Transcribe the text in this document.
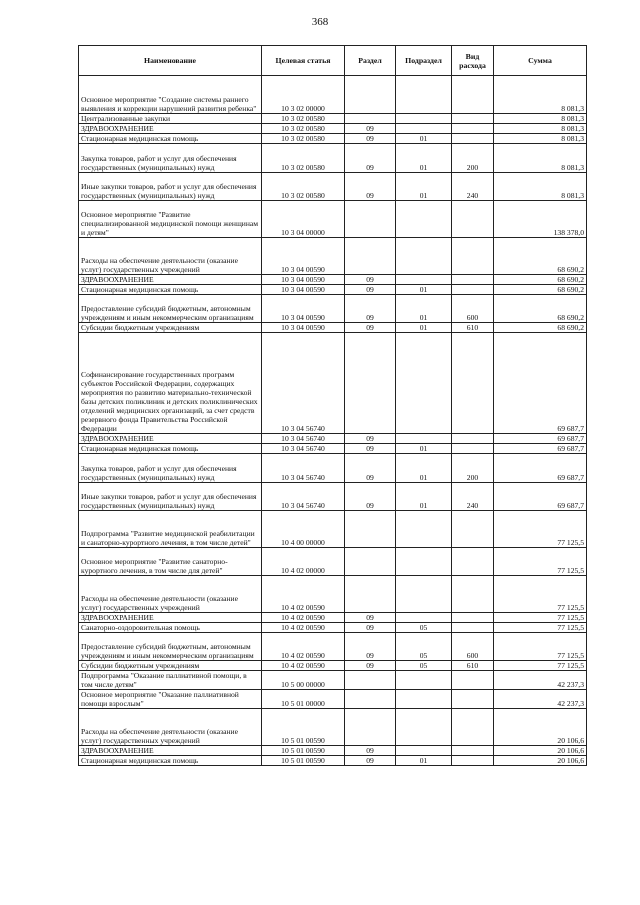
368
Наименование	Целевая статья	Раздел	Подраздел	Вид расхода	Сумма
Основное мероприятие "Создание системы раннего выявления и коррекции нарушений развития ребенка"	10 3 02 00000				8 081,3
Централизованные закупки	10 3 02 00580				8 081,3
ЗДРАВООХРАНЕНИЕ	10 3 02 00580	09			8 081,3
Стационарная медицинская помощь	10 3 02 00580	09	01		8 081,3
Закупка товаров, работ и услуг для обеспечения государственных (муниципальных) нужд	10 3 02 00580	09	01	200	8 081,3
Иные закупки товаров, работ и услуг для обеспечения государственных (муниципальных) нужд	10 3 02 00580	09	01	240	8 081,3
Основное мероприятие "Развитие специализированной медицинской помощи женщинам и детям"	10 3 04 00000				138 378,0
Расходы на обеспечение деятельности (оказание услуг) государственных учреждений	10 3 04 00590				68 690,2
ЗДРАВООХРАНЕНИЕ	10 3 04 00590	09			68 690,2
Стационарная медицинская помощь	10 3 04 00590	09	01		68 690,2
Предоставление субсидий бюджетным, автономным учреждениям и иным некоммерческим организациям	10 3 04 00590	09	01	600	68 690,2
Субсидии бюджетным учреждениям	10 3 04 00590	09	01	610	68 690,2
Софинансирование государственных программ субъектов Российской Федерации, содержащих мероприятия по развитию материально-технической базы детских поликлиник и детских поликлинических отделений медицинских организаций, за счет средств резервного фонда Правительства Российской Федерации	10 3 04 56740				69 687,7
ЗДРАВООХРАНЕНИЕ	10 3 04 56740	09			69 687,7
Стационарная медицинская помощь	10 3 04 56740	09	01		69 687,7
Закупка товаров, работ и услуг для обеспечения государственных (муниципальных) нужд	10 3 04 56740	09	01	200	69 687,7
Иные закупки товаров, работ и услуг для обеспечения государственных (муниципальных) нужд	10 3 04 56740	09	01	240	69 687,7
Подпрограмма "Развитие медицинской реабилитации и санаторно-курортного лечения, в том числе детей"	10 4 00 00000				77 125,5
Основное мероприятие "Развитие санаторно-курортного лечения, в том числе для детей"	10 4 02 00000				77 125,5
Расходы на обеспечение деятельности (оказание услуг) государственных учреждений	10 4 02 00590				77 125,5
ЗДРАВООХРАНЕНИЕ	10 4 02 00590	09			77 125,5
Санаторно-оздоровительная помощь	10 4 02 00590	09	05		77 125,5
Предоставление субсидий бюджетным, автономным учреждениям и иным некоммерческим организациям	10 4 02 00590	09	05	600	77 125,5
Субсидии бюджетным учреждениям	10 4 02 00590	09	05	610	77 125,5
Подпрограмма "Оказание паллиативной помощи, в том числе детям"	10 5 00 00000				42 237,3
Основное мероприятие "Оказание паллиативной помощи взрослым"	10 5 01 00000				42 237,3
Расходы на обеспечение деятельности (оказание услуг) государственных учреждений	10 5 01 00590				20 106,6
ЗДРАВООХРАНЕНИЕ	10 5 01 00590	09			20 106,6
Стационарная медицинская помощь	10 5 01 00590	09	01		20 106,6
